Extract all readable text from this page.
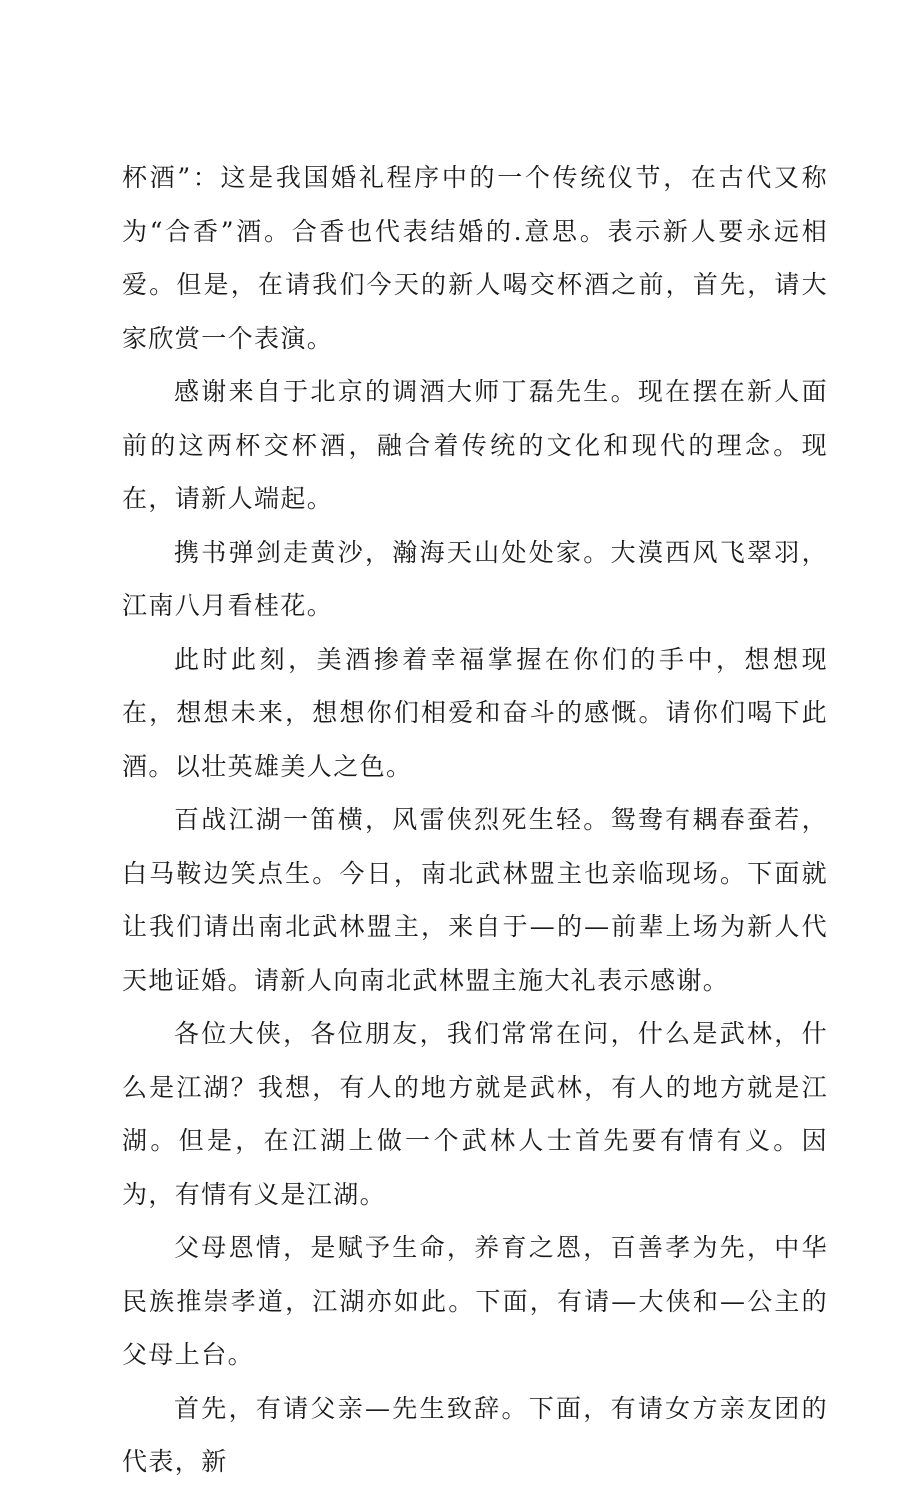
杯酒”：这是我国婚礼程序中的一个传统仪节，在古代又称为“合香”酒。合香也代表结婚的.意思。表示新人要永远相爱。但是，在请我们今天的新人喝交杯酒之前，首先，请大家欣赏一个表演。

感谢来自于北京的调酒大师丁磊先生。现在摆在新人面前的这两杯交杯酒，融合着传统的文化和现代的理念。现在，请新人端起。

携书弹剑走黄沙，瀚海天山处处家。大漠西风飞翠羽，江南八月看桂花。

此时此刻，美酒掺着幸福掌握在你们的手中，想想现在，想想未来，想想你们相爱和奋斗的感慨。请你们喝下此酒。以壮英雄美人之色。

百战江湖一笛横，风雷侠烈死生轻。鸳鸯有耦春蚕若，白马鞍边笑点生。今日，南北武林盟主也亲临现场。下面就让我们请出南北武林盟主，来自于—的—前辈上场为新人代天地证婚。请新人向南北武林盟主施大礼表示感谢。

各位大侠，各位朋友，我们常常在问，什么是武林，什么是江湖？我想，有人的地方就是武林，有人的地方就是江湖。但是，在江湖上做一个武林人士首先要有情有义。因为，有情有义是江湖。

父母恩情，是赋予生命，养育之恩，百善孝为先，中华民族推崇孝道，江湖亦如此。下面，有请—大侠和—公主的父母上台。

首先，有请父亲—先生致辞。下面，有请女方亲友团的代表，新
